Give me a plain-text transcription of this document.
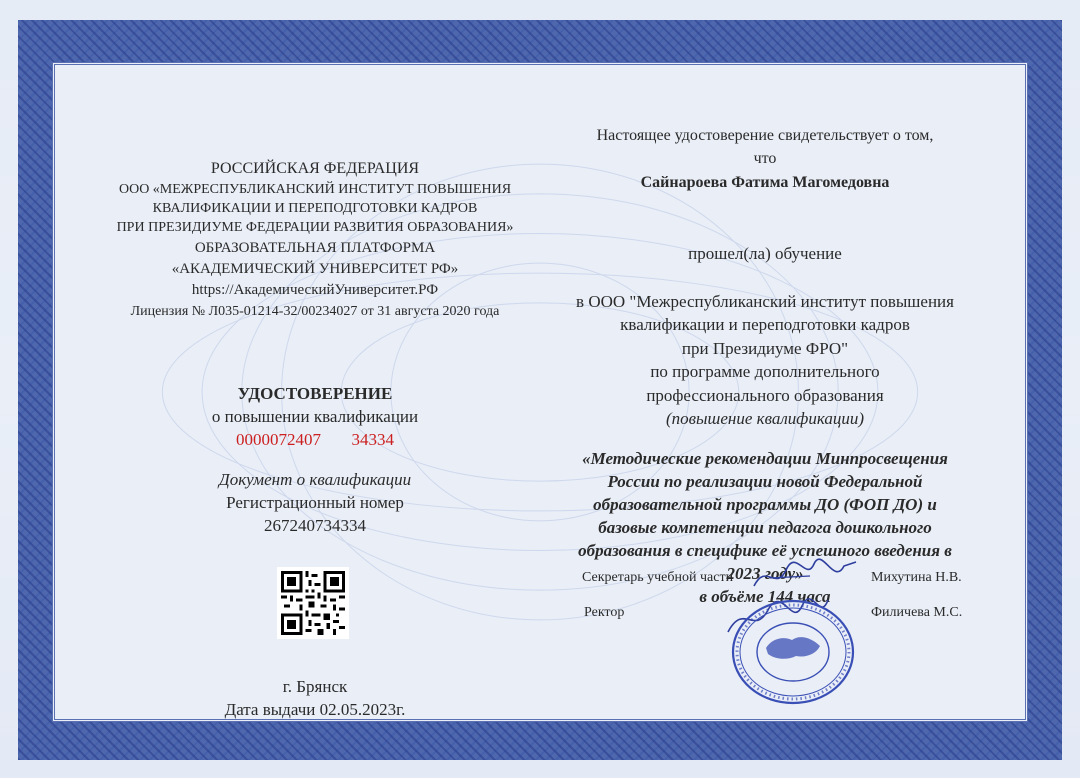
РОССИЙСКАЯ ФЕДЕРАЦИЯ
ООО «МЕЖРЕСПУБЛИКАНСКИЙ ИНСТИТУТ ПОВЫШЕНИЯ
КВАЛИФИКАЦИИ И ПЕРЕПОДГОТОВКИ КАДРОВ
ПРИ ПРЕЗИДИУМЕ ФЕДЕРАЦИИ РАЗВИТИЯ ОБРАЗОВАНИЯ»
ОБРАЗОВАТЕЛЬНАЯ ПЛАТФОРМА
«АКАДЕМИЧЕСКИЙ УНИВЕРСИТЕТ РФ»
https://АкадемическийУниверситет.РФ
Лицензия № Л035-01214-32/00234027 от 31 августа 2020 года
УДОСТОВЕРЕНИЕ
о повышении квалификации
0000072407 34334
Документ о квалификации
Регистрационный номер
267240734334
г. Брянск
Дата выдачи 02.05.2023г.
Настоящее удостоверение свидетельствует о том,
что
Сайнароева Фатима Магомедовна
прошел(ла) обучение
в ООО "Межреспубликанский институт повышения
квалификации и переподготовки кадров
при Президиуме ФРО"
по программе дополнительного
профессионального образования
(повышение квалификации)
«Методические рекомендации Минпросвещения
России по реализации новой Федеральной
образовательной программы ДО (ФОП ДО) и
базовые компетенции педагога дошкольного
образования в специфике её успешного введения в
2023 году»
в объёме 144 часа
Секретарь учебной части	Михутина Н.В.
Ректор	Филичева М.С.
